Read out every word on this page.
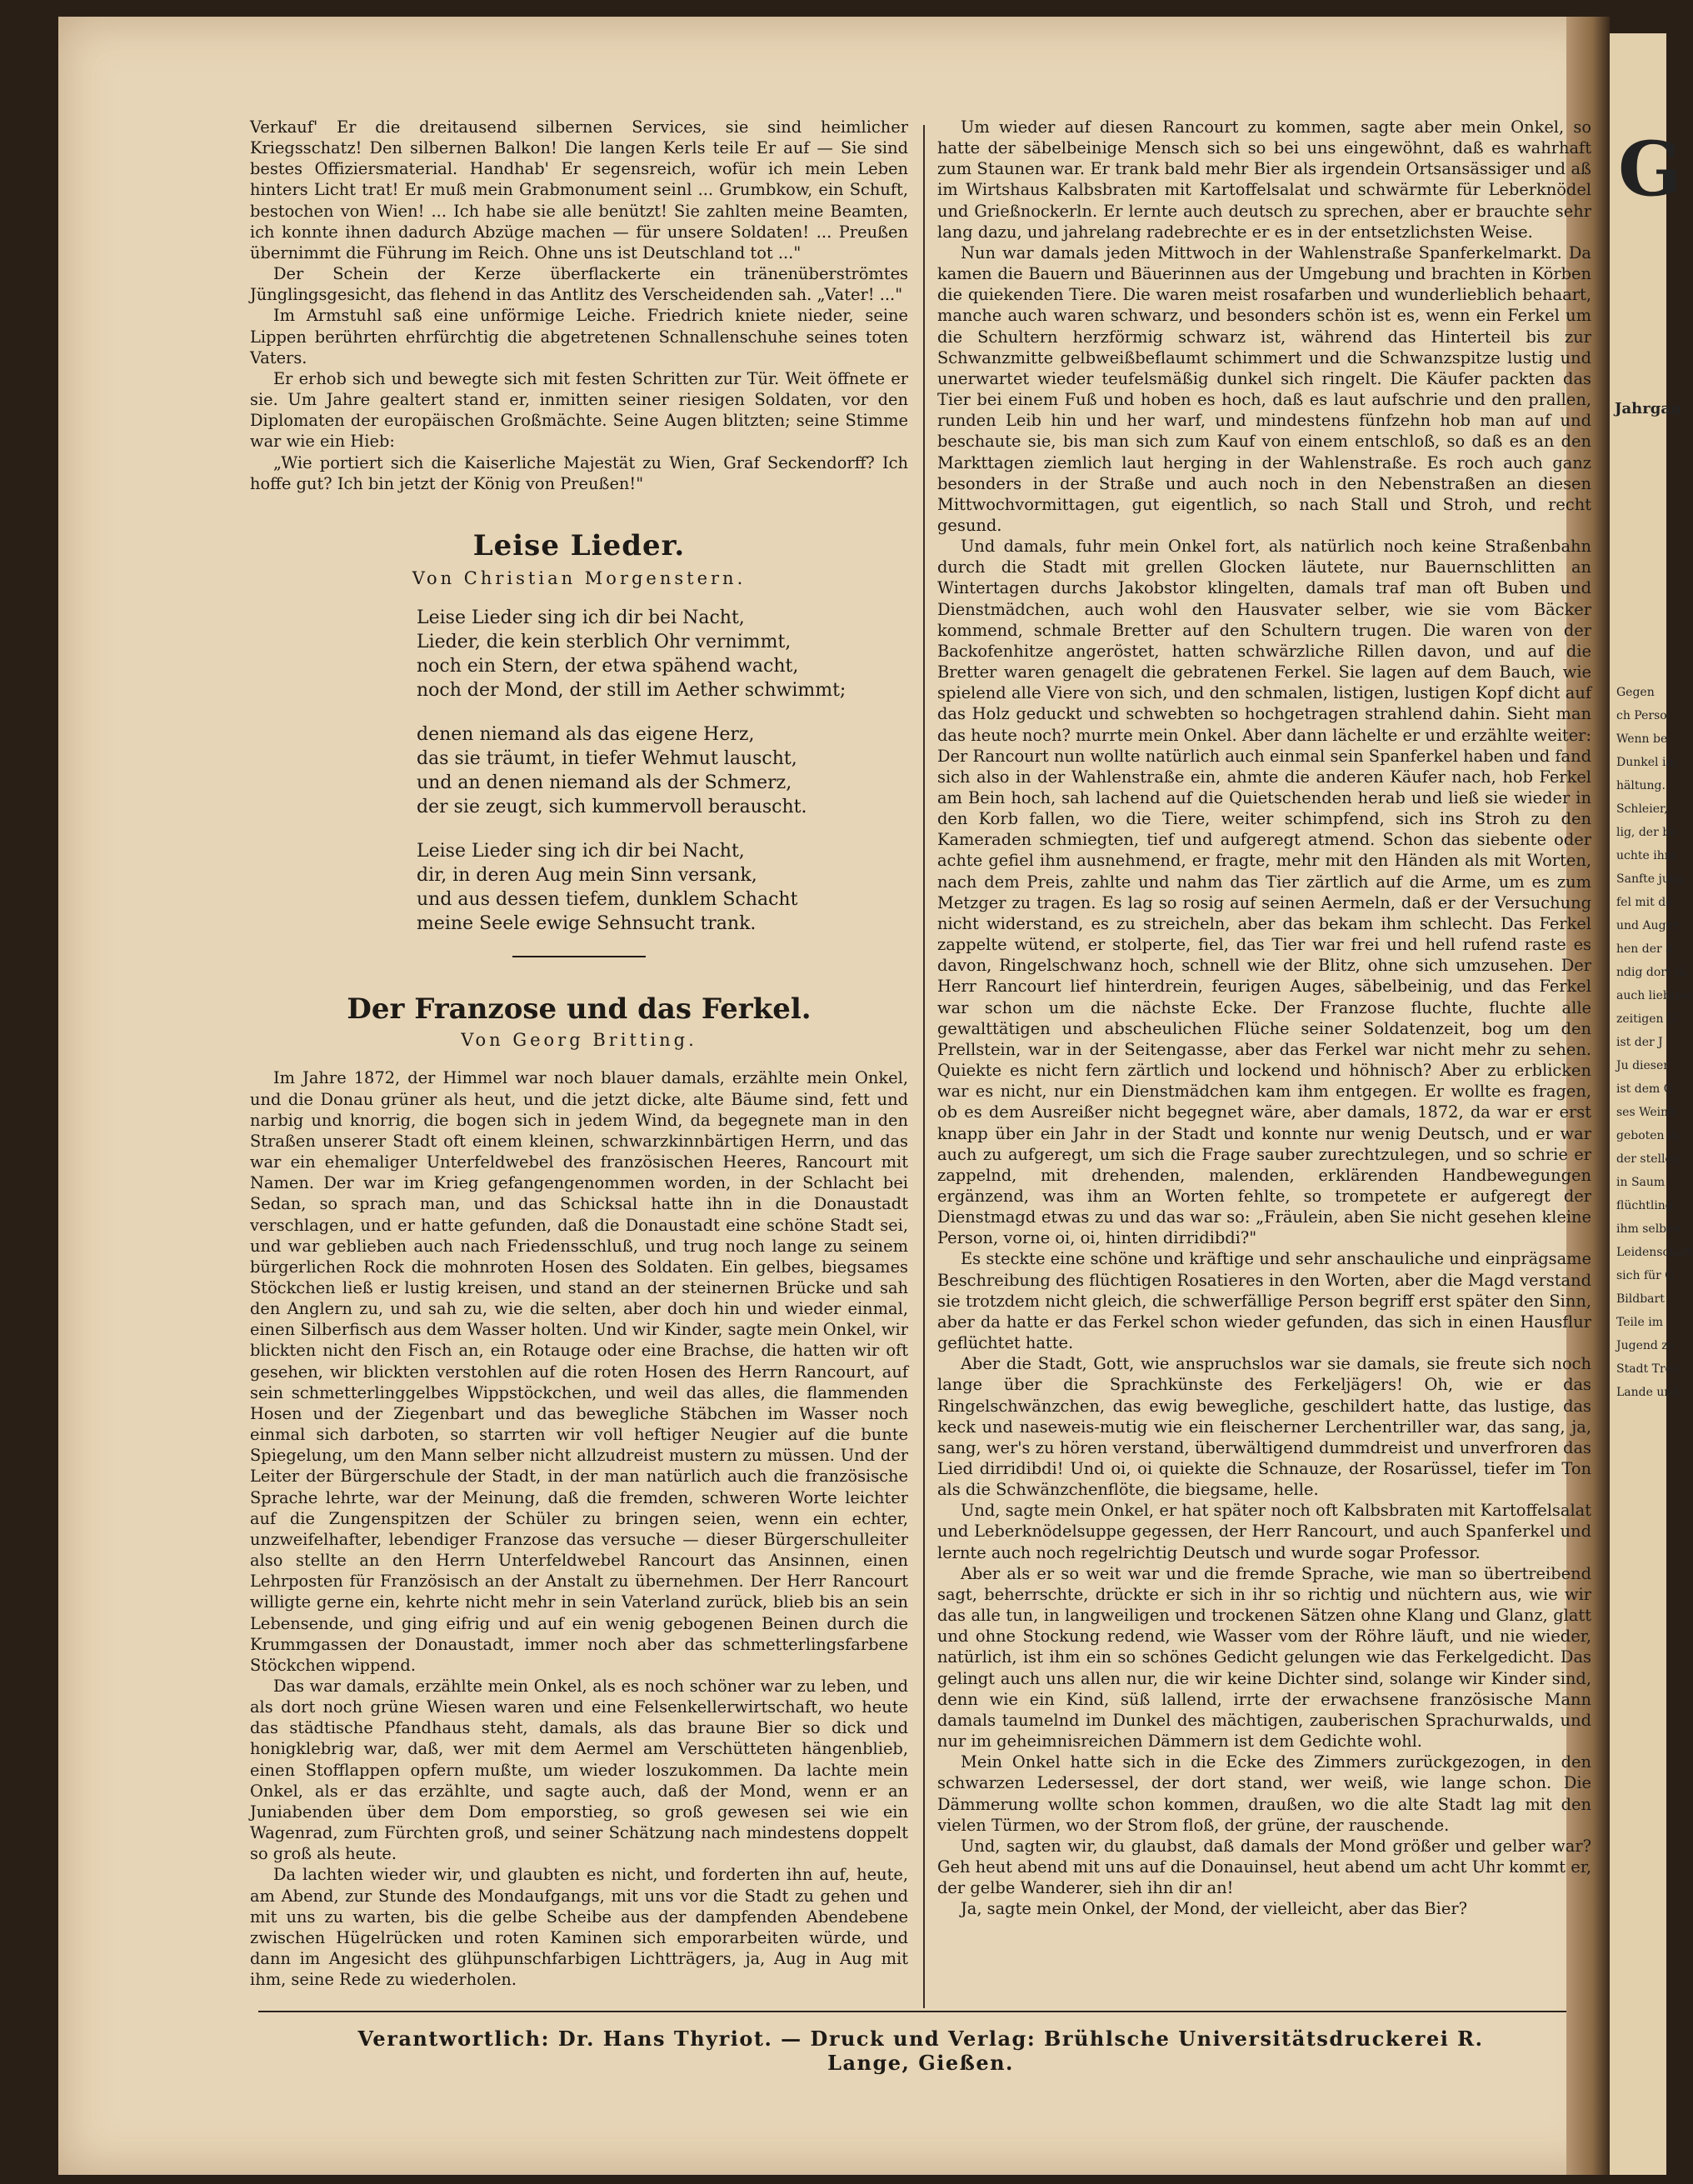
G
Jahrgan
Gegen
ch Perso
Wenn be
Dunkel im
hältung.
Schleier,
lig, der be
uchte ihm
Sanfte jung
fel mit de
und Auger
hen der a
ndig dort fü
auch liebreic
zeitigen G
ist der J
Ju dieser
ist dem G
ses Weinb
geboten iü
der stellen
in Saum
flüchtling
ihm selben
Leidenschaft
sich für G
Bildbart
Teile im
Jugend zu
Stadt Treu
Lande und

Verkauf' Er die dreitausend silbernen Services, sie sind heimlicher Kriegsschatz! Den silbernen Balkon! Die langen Kerls teile Er auf — Sie sind bestes Offiziersmaterial. Handhab' Er segensreich, wofür ich mein Leben hinters Licht trat! Er muß mein Grabmonument seinl ... Grumbkow, ein Schuft, bestochen von Wien! ... Ich habe sie alle benützt! Sie zahlten meine Beamten, ich konnte ihnen dadurch Abzüge machen — für unsere Soldaten! ... Preußen übernimmt die Führung im Reich. Ohne uns ist Deutschland tot ..."

Der Schein der Kerze überflackerte ein tränenüberströmtes Jünglingsgesicht, das flehend in das Antlitz des Verscheidenden sah. „Vater! ..."

Im Armstuhl saß eine unförmige Leiche. Friedrich kniete nieder, seine Lippen berührten ehrfürchtig die abgetretenen Schnallenschuhe seines toten Vaters.

Er erhob sich und bewegte sich mit festen Schritten zur Tür. Weit öffnete er sie. Um Jahre gealtert stand er, inmitten seiner riesigen Soldaten, vor den Diplomaten der europäischen Großmächte. Seine Augen blitzten; seine Stimme war wie ein Hieb:

„Wie portiert sich die Kaiserliche Majestät zu Wien, Graf Seckendorff? Ich hoffe gut? Ich bin jetzt der König von Preußen!"

Leise Lieder.
Von Christian Morgenstern.
Leise Lieder sing ich dir bei Nacht,
Lieder, die kein sterblich Ohr vernimmt,
noch ein Stern, der etwa spähend wacht,
noch der Mond, der still im Aether schwimmt;
denen niemand als das eigene Herz,
das sie träumt, in tiefer Wehmut lauscht,
und an denen niemand als der Schmerz,
der sie zeugt, sich kummervoll berauscht.
Leise Lieder sing ich dir bei Nacht,
dir, in deren Aug mein Sinn versank,
und aus dessen tiefem, dunklem Schacht
meine Seele ewige Sehnsucht trank.
Der Franzose und das Ferkel.
Von Georg Britting.

Im Jahre 1872, der Himmel war noch blauer damals, erzählte mein Onkel, und die Donau grüner als heut, und die jetzt dicke, alte Bäume sind, fett und narbig und knorrig, die bogen sich in jedem Wind, da begegnete man in den Straßen unserer Stadt oft einem kleinen, schwarzkinnbärtigen Herrn, und das war ein ehemaliger Unterfeldwebel des französischen Heeres, Rancourt mit Namen. Der war im Krieg gefangengenommen worden, in der Schlacht bei Sedan, so sprach man, und das Schicksal hatte ihn in die Donaustadt verschlagen, und er hatte gefunden, daß die Donaustadt eine schöne Stadt sei, und war geblieben auch nach Friedensschluß, und trug noch lange zu seinem bürgerlichen Rock die mohnroten Hosen des Soldaten. Ein gelbes, biegsames Stöckchen ließ er lustig kreisen, und stand an der steinernen Brücke und sah den Anglern zu, und sah zu, wie die selten, aber doch hin und wieder einmal, einen Silberfisch aus dem Wasser holten. Und wir Kinder, sagte mein Onkel, wir blickten nicht den Fisch an, ein Rotauge oder eine Brachse, die hatten wir oft gesehen, wir blickten verstohlen auf die roten Hosen des Herrn Rancourt, auf sein schmetterlinggelbes Wippstöckchen, und weil das alles, die flammenden Hosen und der Ziegenbart und das bewegliche Stäbchen im Wasser noch einmal sich darboten, so starrten wir voll heftiger Neugier auf die bunte Spiegelung, um den Mann selber nicht allzudreist mustern zu müssen. Und der Leiter der Bürgerschule der Stadt, in der man natürlich auch die französische Sprache lehrte, war der Meinung, daß die fremden, schweren Worte leichter auf die Zungenspitzen der Schüler zu bringen seien, wenn ein echter, unzweifelhafter, lebendiger Franzose das versuche — dieser Bürgerschulleiter also stellte an den Herrn Unterfeldwebel Rancourt das Ansinnen, einen Lehrposten für Französisch an der Anstalt zu übernehmen. Der Herr Rancourt willigte gerne ein, kehrte nicht mehr in sein Vaterland zurück, blieb bis an sein Lebensende, und ging eifrig und auf ein wenig gebogenen Beinen durch die Krummgassen der Donaustadt, immer noch aber das schmetterlingsfarbene Stöckchen wippend.

Das war damals, erzählte mein Onkel, als es noch schöner war zu leben, und als dort noch grüne Wiesen waren und eine Felsenkellerwirtschaft, wo heute das städtische Pfandhaus steht, damals, als das braune Bier so dick und honigklebrig war, daß, wer mit dem Aermel am Verschütteten hängenblieb, einen Stofflappen opfern mußte, um wieder loszukommen. Da lachte mein Onkel, als er das erzählte, und sagte auch, daß der Mond, wenn er an Juniabenden über dem Dom emporstieg, so groß gewesen sei wie ein Wagenrad, zum Fürchten groß, und seiner Schätzung nach mindestens doppelt so groß als heute.

Da lachten wieder wir, und glaubten es nicht, und forderten ihn auf, heute, am Abend, zur Stunde des Mondaufgangs, mit uns vor die Stadt zu gehen und mit uns zu warten, bis die gelbe Scheibe aus der dampfenden Abendebene zwischen Hügelrücken und roten Kaminen sich emporarbeiten würde, und dann im Angesicht des glühpunschfarbigen Lichtträgers, ja, Aug in Aug mit ihm, seine Rede zu wiederholen.

Um wieder auf diesen Rancourt zu kommen, sagte aber mein Onkel, so hatte der säbelbeinige Mensch sich so bei uns eingewöhnt, daß es wahrhaft zum Staunen war. Er trank bald mehr Bier als irgendein Ortsansässiger und aß im Wirtshaus Kalbsbraten mit Kartoffelsalat und schwärmte für Leberknödel und Grießnockerln. Er lernte auch deutsch zu sprechen, aber er brauchte sehr lang dazu, und jahrelang radebrechte er es in der entsetzlichsten Weise.

Nun war damals jeden Mittwoch in der Wahlenstraße Spanferkelmarkt. Da kamen die Bauern und Bäuerinnen aus der Umgebung und brachten in Körben die quiekenden Tiere. Die waren meist rosafarben und wunderlieblich behaart, manche auch waren schwarz, und besonders schön ist es, wenn ein Ferkel um die Schultern herzförmig schwarz ist, während das Hinterteil bis zur Schwanzmitte gelbweißbeflaumt schimmert und die Schwanzspitze lustig und unerwartet wieder teufelsmäßig dunkel sich ringelt. Die Käufer packten das Tier bei einem Fuß und hoben es hoch, daß es laut aufschrie und den prallen, runden Leib hin und her warf, und mindestens fünfzehn hob man auf und beschaute sie, bis man sich zum Kauf von einem entschloß, so daß es an den Markttagen ziemlich laut herging in der Wahlenstraße. Es roch auch ganz besonders in der Straße und auch noch in den Nebenstraßen an diesen Mittwochvormittagen, gut eigentlich, so nach Stall und Stroh, und recht gesund.

Und damals, fuhr mein Onkel fort, als natürlich noch keine Straßenbahn durch die Stadt mit grellen Glocken läutete, nur Bauernschlitten an Wintertagen durchs Jakobstor klingelten, damals traf man oft Buben und Dienstmädchen, auch wohl den Hausvater selber, wie sie vom Bäcker kommend, schmale Bretter auf den Schultern trugen. Die waren von der Backofenhitze angeröstet, hatten schwärzliche Rillen davon, und auf die Bretter waren genagelt die gebratenen Ferkel. Sie lagen auf dem Bauch, wie spielend alle Viere von sich, und den schmalen, listigen, lustigen Kopf dicht auf das Holz geduckt und schwebten so hochgetragen strahlend dahin. Sieht man das heute noch? murrte mein Onkel. Aber dann lächelte er und erzählte weiter: Der Rancourt nun wollte natürlich auch einmal sein Spanferkel haben und fand sich also in der Wahlenstraße ein, ahmte die anderen Käufer nach, hob Ferkel am Bein hoch, sah lachend auf die Quietschenden herab und ließ sie wieder in den Korb fallen, wo die Tiere, weiter schimpfend, sich ins Stroh zu den Kameraden schmiegten, tief und aufgeregt atmend. Schon das siebente oder achte gefiel ihm ausnehmend, er fragte, mehr mit den Händen als mit Worten, nach dem Preis, zahlte und nahm das Tier zärtlich auf die Arme, um es zum Metzger zu tragen. Es lag so rosig auf seinen Aermeln, daß er der Versuchung nicht widerstand, es zu streicheln, aber das bekam ihm schlecht. Das Ferkel zappelte wütend, er stolperte, fiel, das Tier war frei und hell rufend raste es davon, Ringelschwanz hoch, schnell wie der Blitz, ohne sich umzusehen. Der Herr Rancourt lief hinterdrein, feurigen Auges, säbelbeinig, und das Ferkel war schon um die nächste Ecke. Der Franzose fluchte, fluchte alle gewalttätigen und abscheulichen Flüche seiner Soldatenzeit, bog um den Prellstein, war in der Seitengasse, aber das Ferkel war nicht mehr zu sehen. Quiekte es nicht fern zärtlich und lockend und höhnisch? Aber zu erblicken war es nicht, nur ein Dienstmädchen kam ihm entgegen. Er wollte es fragen, ob es dem Ausreißer nicht begegnet wäre, aber damals, 1872, da war er erst knapp über ein Jahr in der Stadt und konnte nur wenig Deutsch, und er war auch zu aufgeregt, um sich die Frage sauber zurechtzulegen, und so schrie er zappelnd, mit drehenden, malenden, erklärenden Handbewegungen ergänzend, was ihm an Worten fehlte, so trompetete er aufgeregt der Dienstmagd etwas zu und das war so: „Fräulein, aben Sie nicht gesehen kleine Person, vorne oi, oi, hinten dirridibdi?"

Es steckte eine schöne und kräftige und sehr anschauliche und einprägsame Beschreibung des flüchtigen Rosatieres in den Worten, aber die Magd verstand sie trotzdem nicht gleich, die schwerfällige Person begriff erst später den Sinn, aber da hatte er das Ferkel schon wieder gefunden, das sich in einen Hausflur geflüchtet hatte.

Aber die Stadt, Gott, wie anspruchslos war sie damals, sie freute sich noch lange über die Sprachkünste des Ferkeljägers! Oh, wie er das Ringelschwänzchen, das ewig bewegliche, geschildert hatte, das lustige, das keck und naseweis-mutig wie ein fleischerner Lerchentriller war, das sang, ja, sang, wer's zu hören verstand, überwältigend dummdreist und unverfroren das Lied dirridibdi! Und oi, oi quiekte die Schnauze, der Rosarüssel, tiefer im Ton als die Schwänzchenflöte, die biegsame, helle.

Und, sagte mein Onkel, er hat später noch oft Kalbsbraten mit Kartoffelsalat und Leberknödelsuppe gegessen, der Herr Rancourt, und auch Spanferkel und lernte auch noch regelrichtig Deutsch und wurde sogar Professor.

Aber als er so weit war und die fremde Sprache, wie man so übertreibend sagt, beherrschte, drückte er sich in ihr so richtig und nüchtern aus, wie wir das alle tun, in langweiligen und trockenen Sätzen ohne Klang und Glanz, glatt und ohne Stockung redend, wie Wasser vom der Röhre läuft, und nie wieder, natürlich, ist ihm ein so schönes Gedicht gelungen wie das Ferkelgedicht. Das gelingt auch uns allen nur, die wir keine Dichter sind, solange wir Kinder sind, denn wie ein Kind, süß lallend, irrte der erwachsene französische Mann damals taumelnd im Dunkel des mächtigen, zauberischen Sprachurwalds, und nur im geheimnisreichen Dämmern ist dem Gedichte wohl.

Mein Onkel hatte sich in die Ecke des Zimmers zurückgezogen, in den schwarzen Ledersessel, der dort stand, wer weiß, wie lange schon. Die Dämmerung wollte schon kommen, draußen, wo die alte Stadt lag mit den vielen Türmen, wo der Strom floß, der grüne, der rauschende.

Und, sagten wir, du glaubst, daß damals der Mond größer und gelber war? Geh heut abend mit uns auf die Donauinsel, heut abend um acht Uhr kommt er, der gelbe Wanderer, sieh ihn dir an!

Ja, sagte mein Onkel, der Mond, der vielleicht, aber das Bier?

Verantwortlich: Dr. Hans Thyriot. — Druck und Verlag: Brühlsche Universitätsdruckerei R. Lange, Gießen.
